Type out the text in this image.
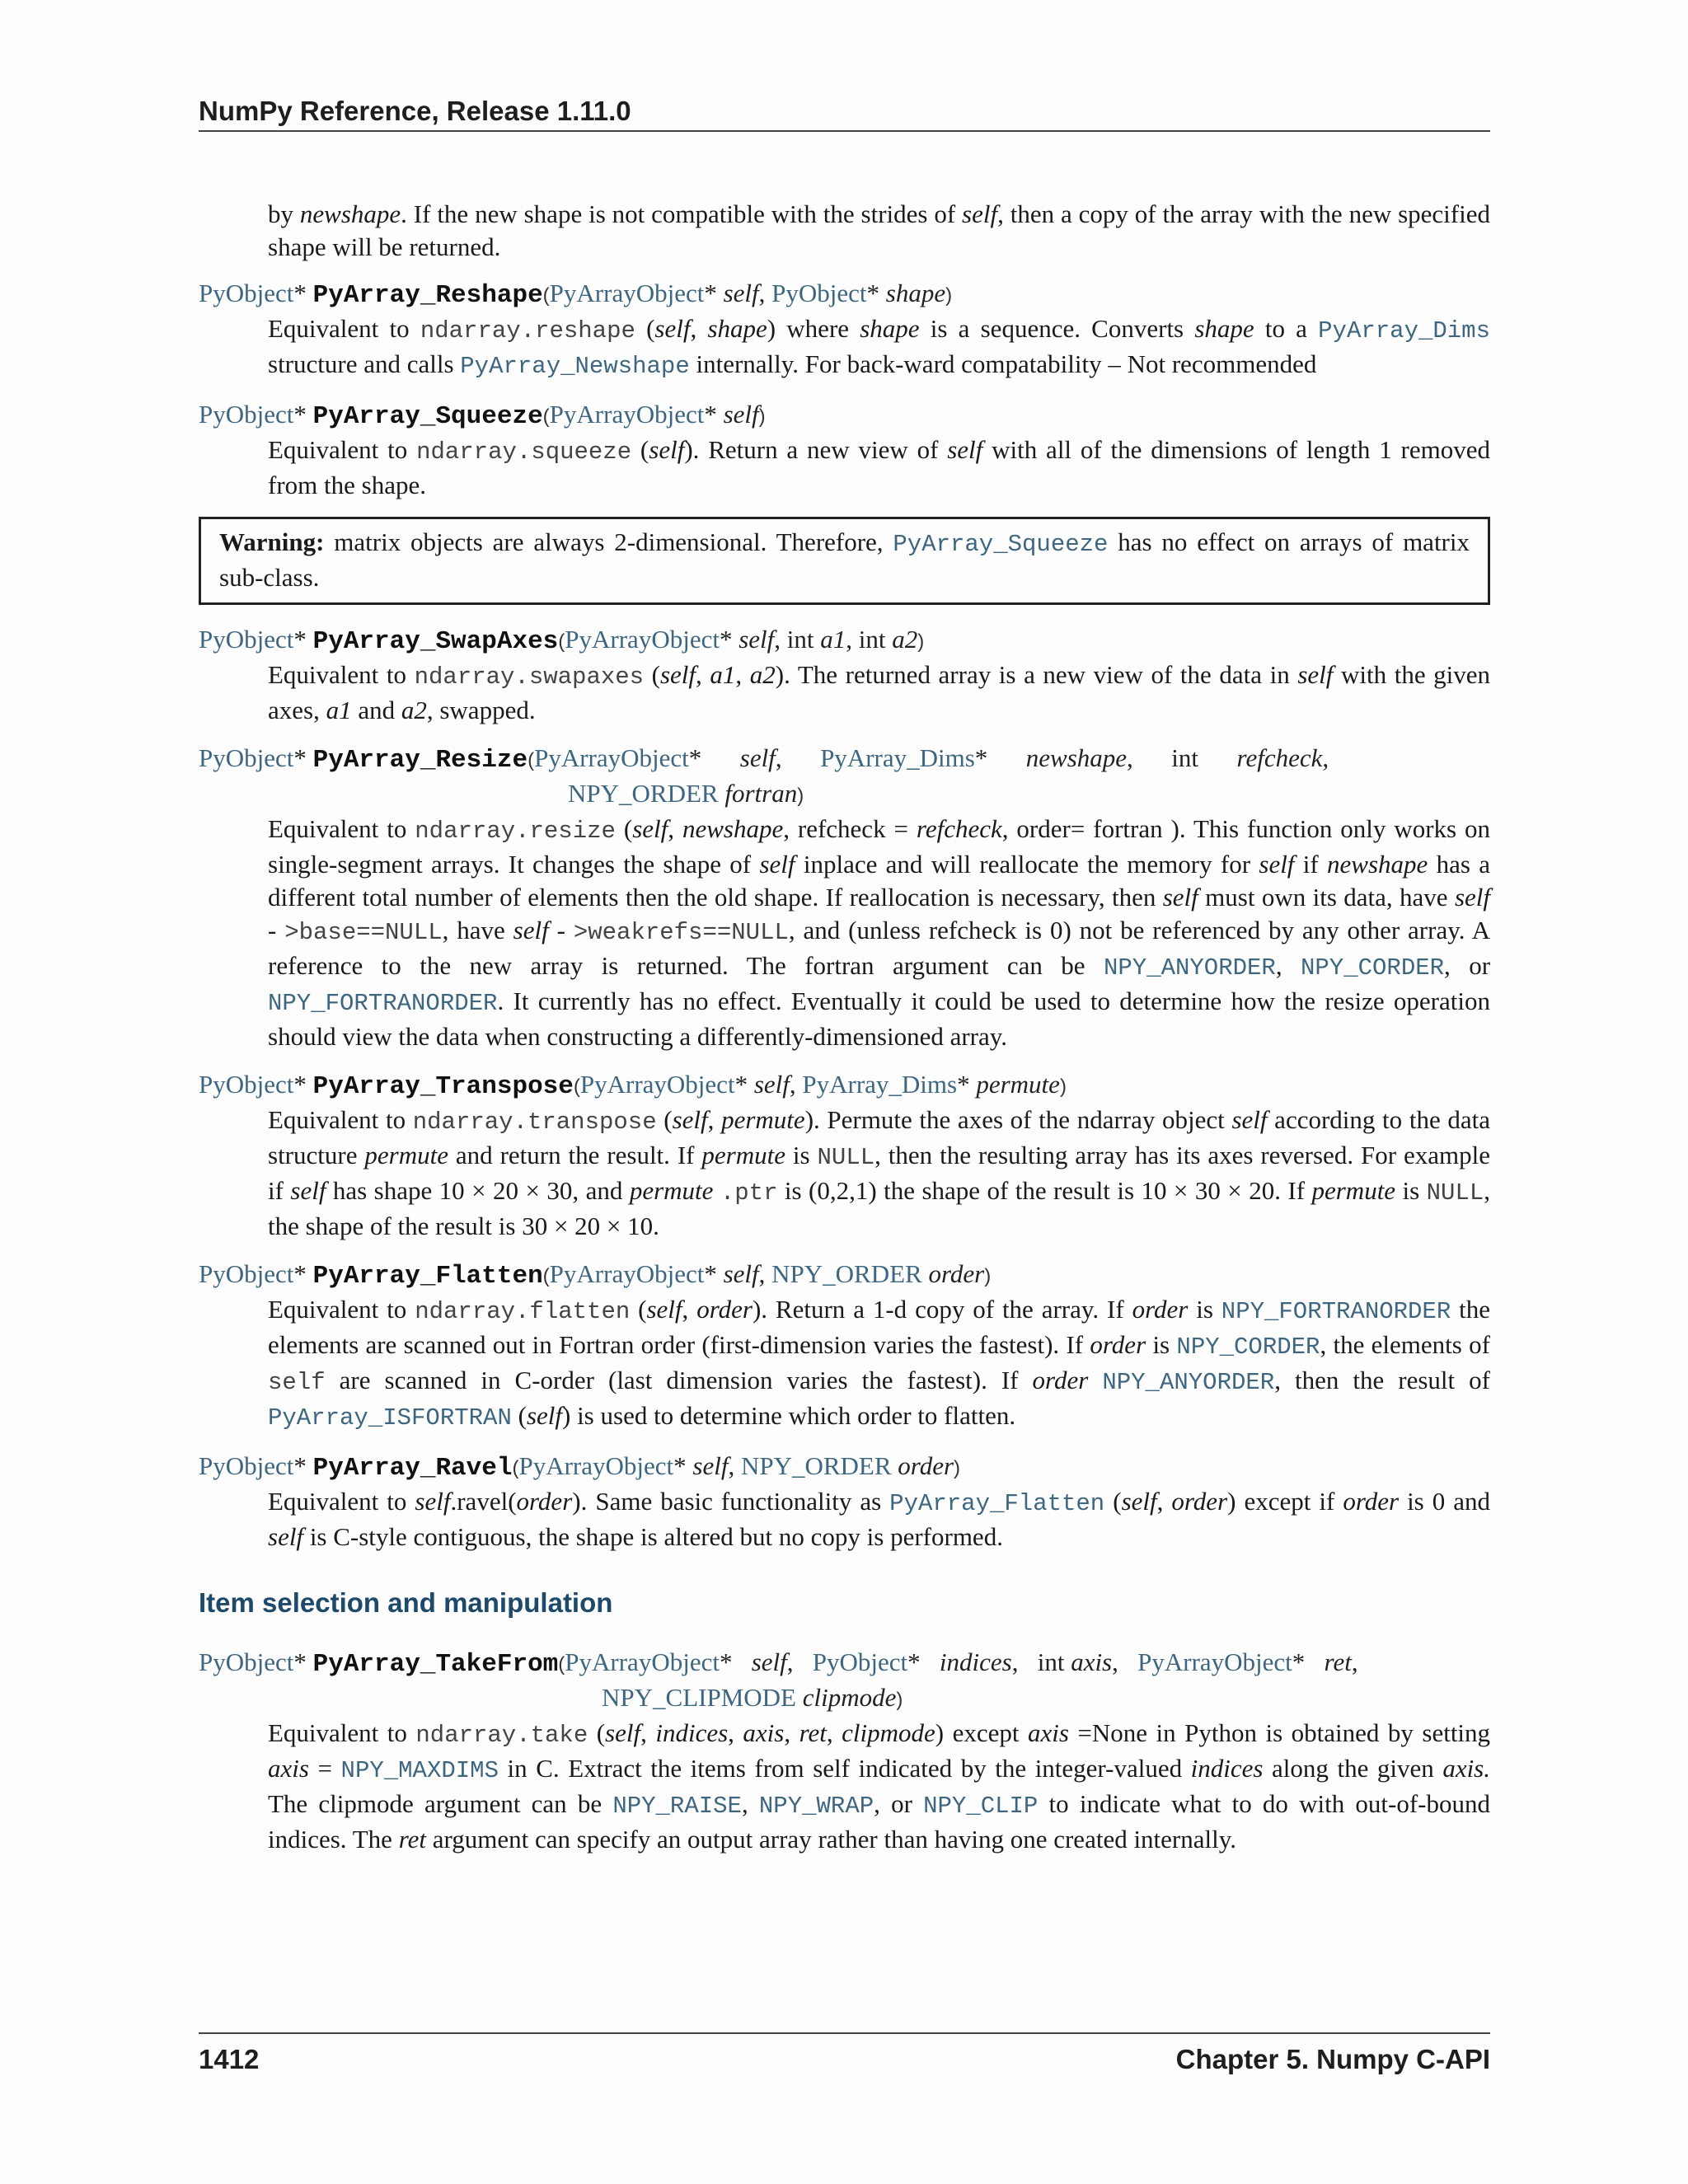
NumPy Reference, Release 1.11.0
by newshape. If the new shape is not compatible with the strides of self, then a copy of the array with the new specified shape will be returned.
PyObject* PyArray_Reshape(PyArrayObject* self, PyObject* shape)
Equivalent to ndarray.reshape (self, shape) where shape is a sequence. Converts shape to a PyArray_Dims structure and calls PyArray_Newshape internally. For back-ward compatability – Not recommended
PyObject* PyArray_Squeeze(PyArrayObject* self)
Equivalent to ndarray.squeeze (self). Return a new view of self with all of the dimensions of length 1 removed from the shape.
Warning: matrix objects are always 2-dimensional. Therefore, PyArray_Squeeze has no effect on arrays of matrix sub-class.
PyObject* PyArray_SwapAxes(PyArrayObject* self, int a1, int a2)
Equivalent to ndarray.swapaxes (self, a1, a2). The returned array is a new view of the data in self with the given axes, a1 and a2, swapped.
PyObject* PyArray_Resize(PyArrayObject*      self,      PyArray_Dims*      newshape,      int refcheck,
NPY_ORDER fortran)
Equivalent to ndarray.resize (self, newshape, refcheck = refcheck, order= fortran ). This function only works on single-segment arrays. It changes the shape of self inplace and will reallocate the memory for self if newshape has a different total number of elements then the old shape. If reallocation is necessary, then self must own its data, have self - >base==NULL, have self - >weakrefs==NULL, and (unless refcheck is 0) not be referenced by any other array. A reference to the new array is returned. The fortran argument can be NPY_ANYORDER, NPY_CORDER, or NPY_FORTRANORDER. It currently has no effect. Eventually it could be used to determine how the resize operation should view the data when constructing a differently-dimensioned array.
PyObject* PyArray_Transpose(PyArrayObject* self, PyArray_Dims* permute)
Equivalent to ndarray.transpose (self, permute). Permute the axes of the ndarray object self according to the data structure permute and return the result. If permute is NULL, then the resulting array has its axes reversed. For example if self has shape 10 × 20 × 30, and permute .ptr is (0,2,1) the shape of the result is 10 × 30 × 20. If permute is NULL, the shape of the result is 30 × 20 × 10.
PyObject* PyArray_Flatten(PyArrayObject* self, NPY_ORDER order)
Equivalent to ndarray.flatten (self, order). Return a 1-d copy of the array. If order is NPY_FORTRANORDER the elements are scanned out in Fortran order (first-dimension varies the fastest). If order is NPY_CORDER, the elements of self are scanned in C-order (last dimension varies the fastest). If order NPY_ANYORDER, then the result of PyArray_ISFORTRAN (self) is used to determine which order to flatten.
PyObject* PyArray_Ravel(PyArrayObject* self, NPY_ORDER order)
Equivalent to self.ravel(order). Same basic functionality as PyArray_Flatten (self, order) except if order is 0 and self is C-style contiguous, the shape is altered but no copy is performed.
Item selection and manipulation
PyObject* PyArray_TakeFrom(PyArrayObject*   self,   PyObject*   indices,   int axis,   PyArrayObject*   ret,
NPY_CLIPMODE clipmode)
Equivalent to ndarray.take (self, indices, axis, ret, clipmode) except axis =None in Python is obtained by setting axis = NPY_MAXDIMS in C. Extract the items from self indicated by the integer-valued indices along the given axis. The clipmode argument can be NPY_RAISE, NPY_WRAP, or NPY_CLIP to indicate what to do with out-of-bound indices. The ret argument can specify an output array rather than having one created internally.
1412	Chapter 5. Numpy C-API
